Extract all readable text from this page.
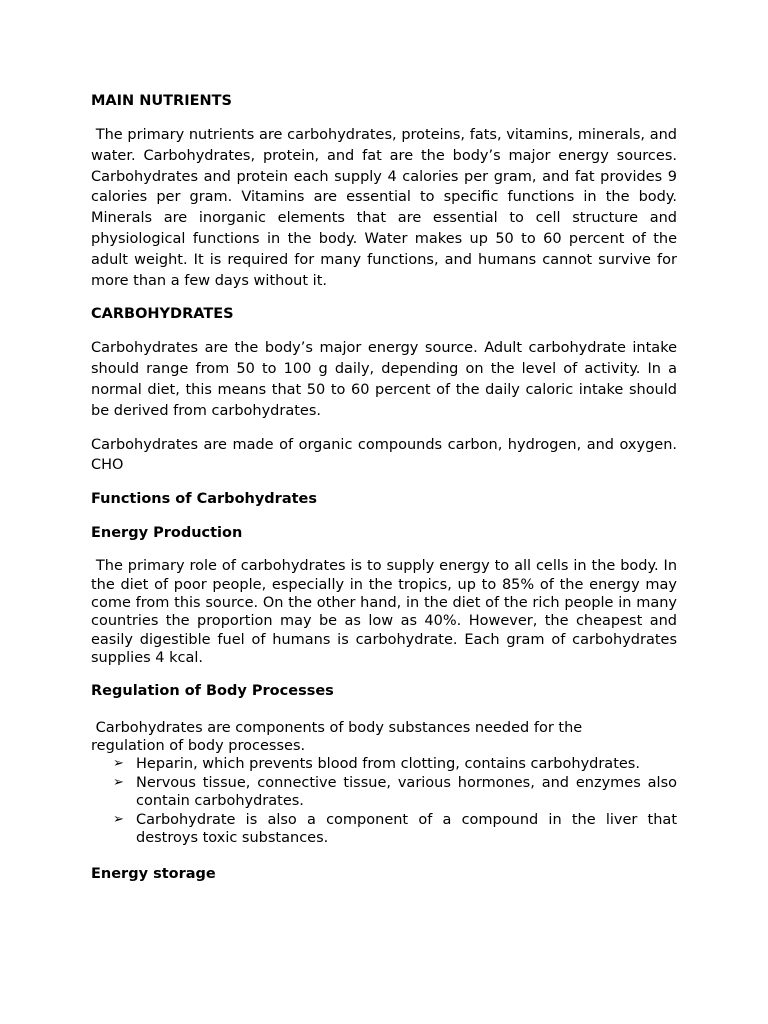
MAIN NUTRIENTS

The primary nutrients are carbohydrates, proteins, fats, vitamins, minerals, and water. Carbohydrates, protein, and fat are the body’s major energy sources. Carbohydrates and protein each supply 4 calories per gram, and fat provides 9 calories per gram. Vitamins are essential to specific functions in the body. Minerals are inorganic elements that are essential to cell structure and physiological functions in the body. Water makes up 50 to 60 percent of the adult weight. It is required for many functions, and humans cannot survive for more than a few days without it.

CARBOHYDRATES

Carbohydrates are the body’s major energy source. Adult carbohydrate intake should range from 50 to 100 g daily, depending on the level of activity. In a normal diet, this means that 50 to 60 percent of the daily caloric intake should be derived from carbohydrates.

Carbohydrates are made of organic compounds carbon, hydrogen, and oxygen. CHO

Functions of Carbohydrates
Energy Production

The primary role of carbohydrates is to supply energy to all cells in the body. In the diet of poor people, especially in the tropics, up to 85% of the energy may come from this source. On the other hand, in the diet of the rich people in many countries the proportion may be as low as 40%. However, the cheapest and easily digestible fuel of humans is carbohydrate. Each gram of carbohydrates supplies 4 kcal.

Regulation of Body Processes

Carbohydrates are components of body substances needed for the regulation of body processes.

➢ Heparin, which prevents blood from clotting, contains carbohydrates.
➢ Nervous tissue, connective tissue, various hormones, and enzymes also contain carbohydrates.
➢ Carbohydrate is also a component of a compound in the liver that destroys toxic substances.
Energy storage
